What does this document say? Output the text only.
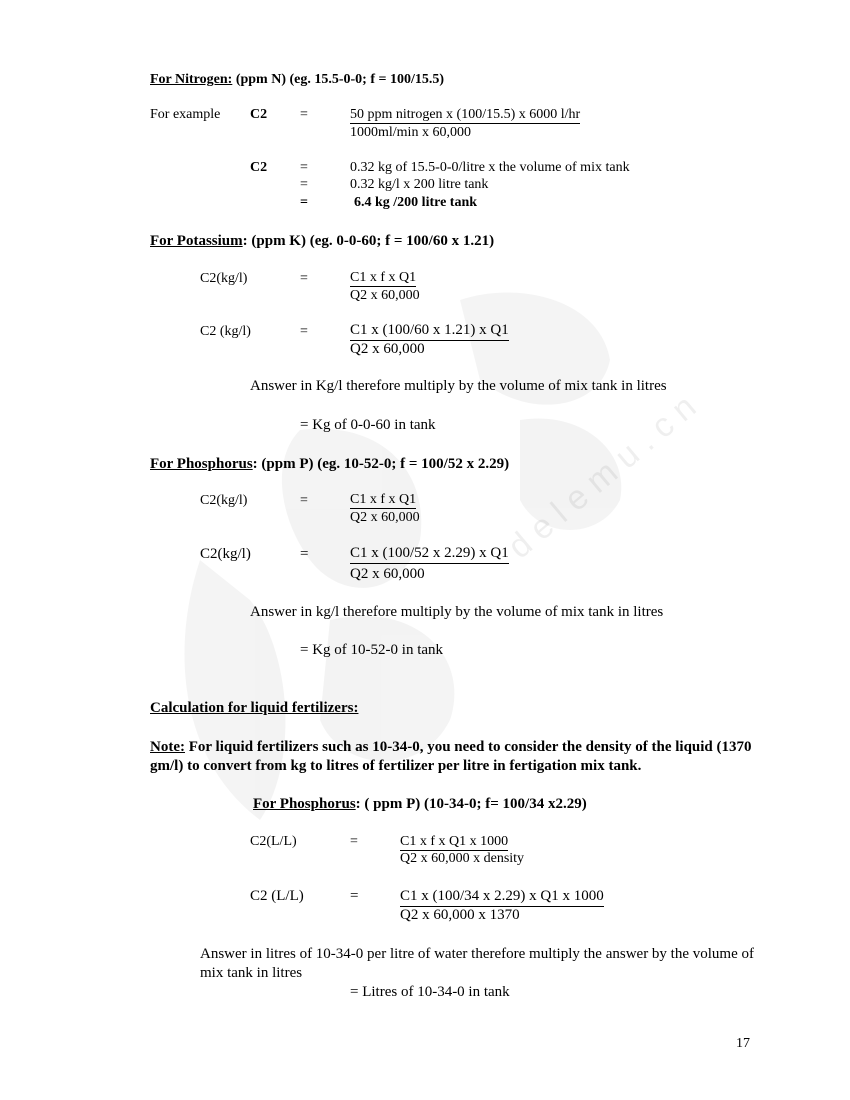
d e l e m u . c n
For Nitrogen: (ppm N) (eg. 15.5-0-0; f = 100/15.5)
For example C2 =	50 ppm nitrogen x (100/15.5) x 6000 l/hr
1000ml/min x 60,000
C2 =	0.32 kg of 15.5-0-0/litre x the volume of mix tank
=	0.32 kg/l x 200 litre tank
=	6.4 kg /200 litre tank
For Potassium: (ppm K) (eg. 0-0-60; f = 100/60 x 1.21)
C2(kg/l)	=	C1 x f x Q1
Q2 x 60,000
C2 (kg/l)	=	C1 x (100/60 x 1.21) x Q1
Q2 x 60,000
Answer in Kg/l therefore multiply by the volume of mix tank in litres
= Kg of 0-0-60 in tank
For Phosphorus: (ppm P) (eg. 10-52-0; f = 100/52 x 2.29)
C2(kg/l)	=	C1 x f x Q1
Q2 x 60,000
C2(kg/l)	=	C1 x (100/52 x 2.29) x Q1
Q2 x 60,000
Answer in kg/l therefore multiply by the volume of mix tank in litres
= Kg of 10-52-0 in tank
Calculation for liquid fertilizers:
Note: For liquid fertilizers such as 10-34-0, you need to consider the density of the liquid (1370 gm/l) to convert from kg to litres of fertilizer per litre in fertigation mix tank.
For Phosphorus: ( ppm P) (10-34-0; f= 100/34 x2.29)
C2(L/L)	=	C1 x f x Q1 x 1000
Q2 x 60,000 x density
C2 (L/L)	=	C1 x (100/34 x 2.29) x Q1 x 1000
Q2 x 60,000 x 1370
Answer in litres of 10-34-0 per litre of water therefore multiply the answer by the volume of mix tank in litres
= Litres of 10-34-0 in tank
17
